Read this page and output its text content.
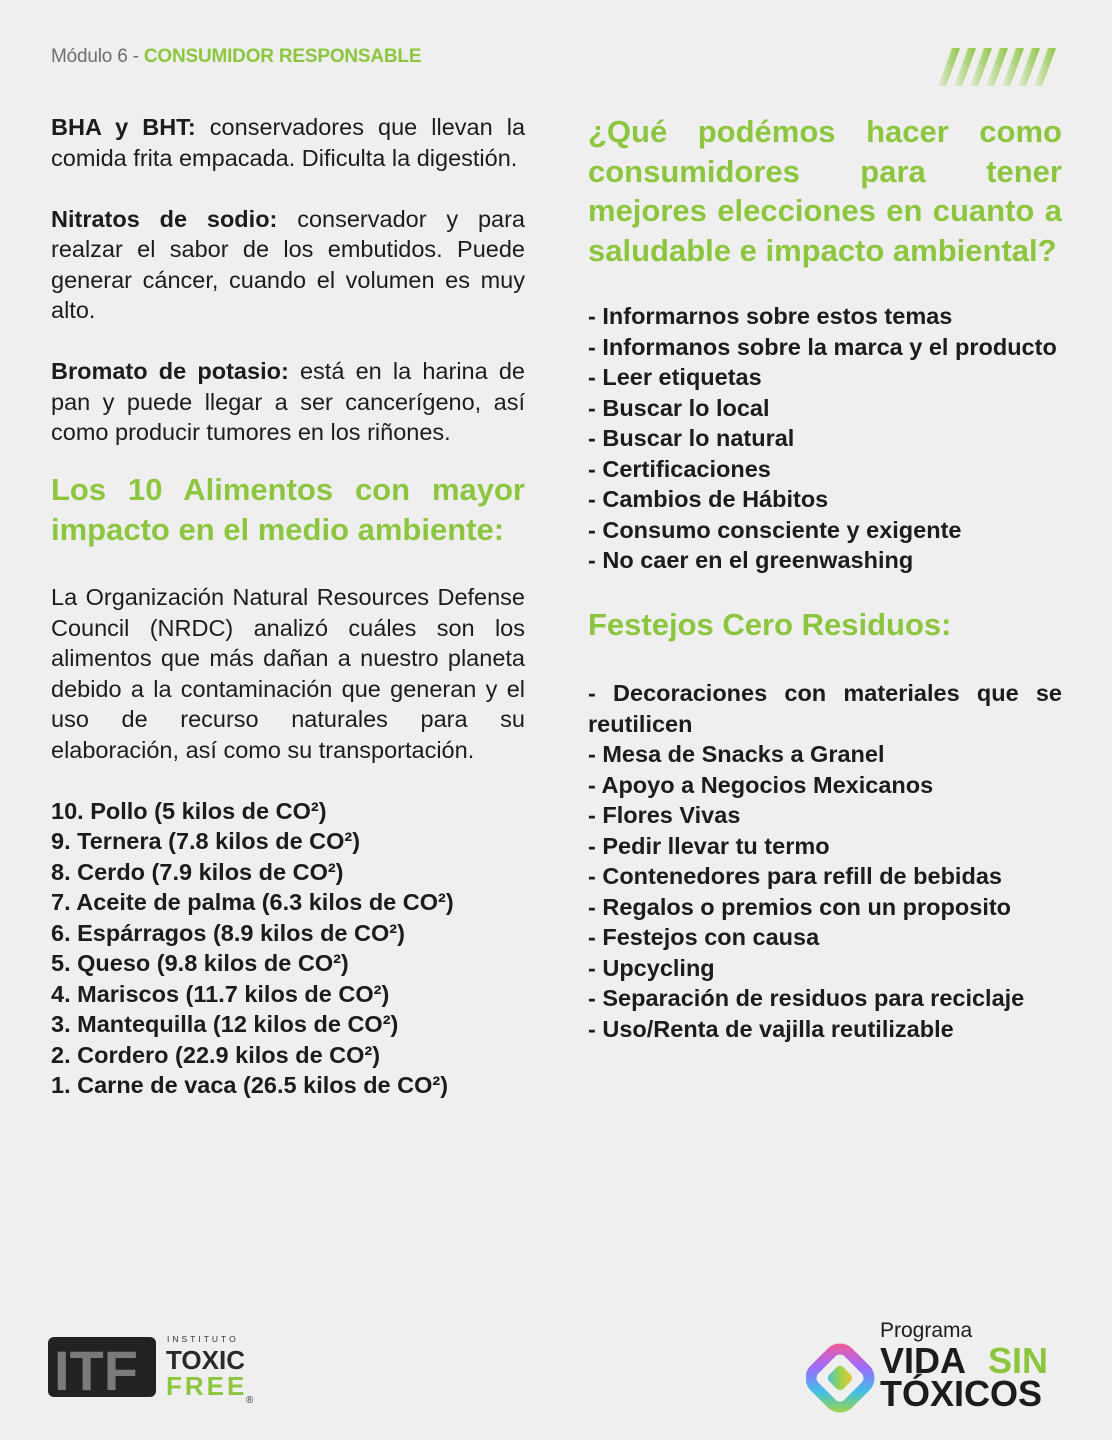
Módulo 6 - CONSUMIDOR RESPONSABLE

BHA y BHT: conservadores que llevan la comida frita empacada. Dificulta la digestión.

Nitratos de sodio: conservador y para realzar el sabor de los embutidos. Puede generar cáncer, cuando el volumen es muy alto.

Bromato de potasio: está en la harina de pan y puede llegar a ser cancerígeno, así como producir tumores en los riñones.

Los 10 Alimentos con mayor impacto en el medio ambiente:

La Organización Natural Resources Defense Council (NRDC) analizó cuáles son los alimentos que más dañan a nuestro planeta debido a la contaminación que generan y el uso de recurso naturales para su elaboración, así como su transportación.

10. Pollo (5 kilos de CO²)
9. Ternera (7.8 kilos de CO²)
8. Cerdo (7.9 kilos de CO²)
7. Aceite de palma (6.3 kilos de CO²)
6. Espárragos (8.9 kilos de CO²)
5. Queso (9.8 kilos de CO²)
4. Mariscos (11.7 kilos de CO²)
3. Mantequilla (12 kilos de CO²)
2. Cordero (22.9 kilos de CO²)
1. Carne de vaca (26.5 kilos de CO²)
¿Qué podémos hacer como consumidores para tener mejores elecciones en cuanto a saludable e impacto ambiental?
- Informarnos sobre estos temas
- Informanos sobre la marca y el producto
- Leer etiquetas
- Buscar lo local
- Buscar lo natural
- Certificaciones
- Cambios de Hábitos
- Consumo consciente y exigente
- No caer en el greenwashing
Festejos Cero Residuos:
- Decoraciones con materiales que se reutilicen
- Mesa de Snacks a Granel
- Apoyo a Negocios Mexicanos
- Flores Vivas
- Pedir llevar tu termo
- Contenedores para refill de bebidas
- Regalos o premios con un proposito
- Festejos con causa
- Upcycling
- Separación de residuos para reciclaje
- Uso/Renta de vajilla reutilizable
ITF	INSTITUTO
TOXIC
FREE
®
Programa
VIDA SIN
TÓXICOS
